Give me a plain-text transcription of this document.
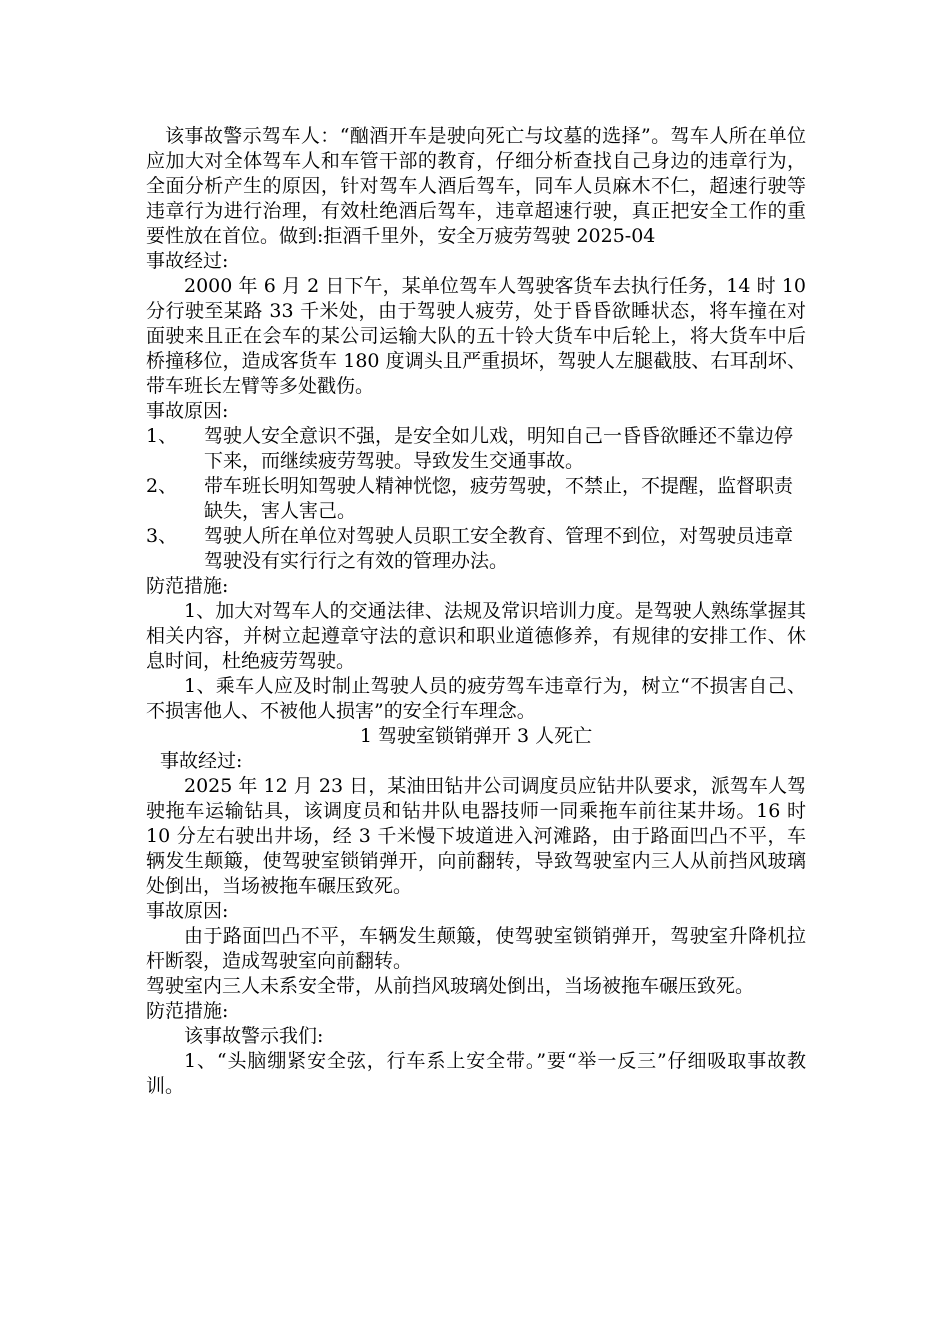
该事故警示驾车人：“酗酒开车是驶向死亡与坟墓的选择”。驾车人所在单位应加大对全体驾车人和车管干部的教育，仔细分析查找自己身边的违章行为，全面分析产生的原因，针对驾车人酒后驾车，同车人员麻木不仁，超速行驶等违章行为进行治理，有效杜绝酒后驾车，违章超速行驶，真正把安全工作的重要性放在首位。做到:拒酒千里外，安全万疲劳驾驶 2025-04

事故经过:

2000 年 6 月 2 日下午，某单位驾车人驾驶客货车去执行任务，14 时 10 分行驶至某路 33 千米处，由于驾驶人疲劳，处于昏昏欲睡状态，将车撞在对面驶来且正在会车的某公司运输大队的五十铃大货车中后轮上，将大货车中后桥撞移位，造成客货车 180 度调头且严重损坏，驾驶人左腿截肢、右耳刮坏、带车班长左臂等多处戳伤。

事故原因:

1、	驾驶人安全意识不强，是安全如儿戏，明知自己一昏昏欲睡还不靠边停下来，而继续疲劳驾驶。导致发生交通事故。
2、	带车班长明知驾驶人精神恍惚，疲劳驾驶，不禁止，不提醒，监督职责缺失，害人害己。
3、	驾驶人所在单位对驾驶人员职工安全教育、管理不到位，对驾驶员违章驾驶没有实行行之有效的管理办法。

防范措施:

1、加大对驾车人的交通法律、法规及常识培训力度。是驾驶人熟练掌握其相关内容，并树立起遵章守法的意识和职业道德修养，有规律的安排工作、休息时间，杜绝疲劳驾驶。

1、乘车人应及时制止驾驶人员的疲劳驾车违章行为，树立“不损害自己、不损害他人、不被他人损害”的安全行车理念。

1 驾驶室锁销弹开 3 人死亡

事故经过:

2025 年 12 月 23 日，某油田钻井公司调度员应钻井队要求，派驾车人驾驶拖车运输钻具，该调度员和钻井队电器技师一同乘拖车前往某井场。16 时 10 分左右驶出井场，经 3 千米慢下坡道进入河滩路，由于路面凹凸不平，车辆发生颠簸，使驾驶室锁销弹开，向前翻转，导致驾驶室内三人从前挡风玻璃处倒出，当场被拖车碾压致死。

事故原因:

由于路面凹凸不平，车辆发生颠簸，使驾驶室锁销弹开，驾驶室升降机拉杆断裂，造成驾驶室向前翻转。

驾驶室内三人未系安全带，从前挡风玻璃处倒出，当场被拖车碾压致死。

防范措施:

该事故警示我们:

1、“头脑绷紧安全弦，行车系上安全带。”要“举一反三”仔细吸取事故教训。
